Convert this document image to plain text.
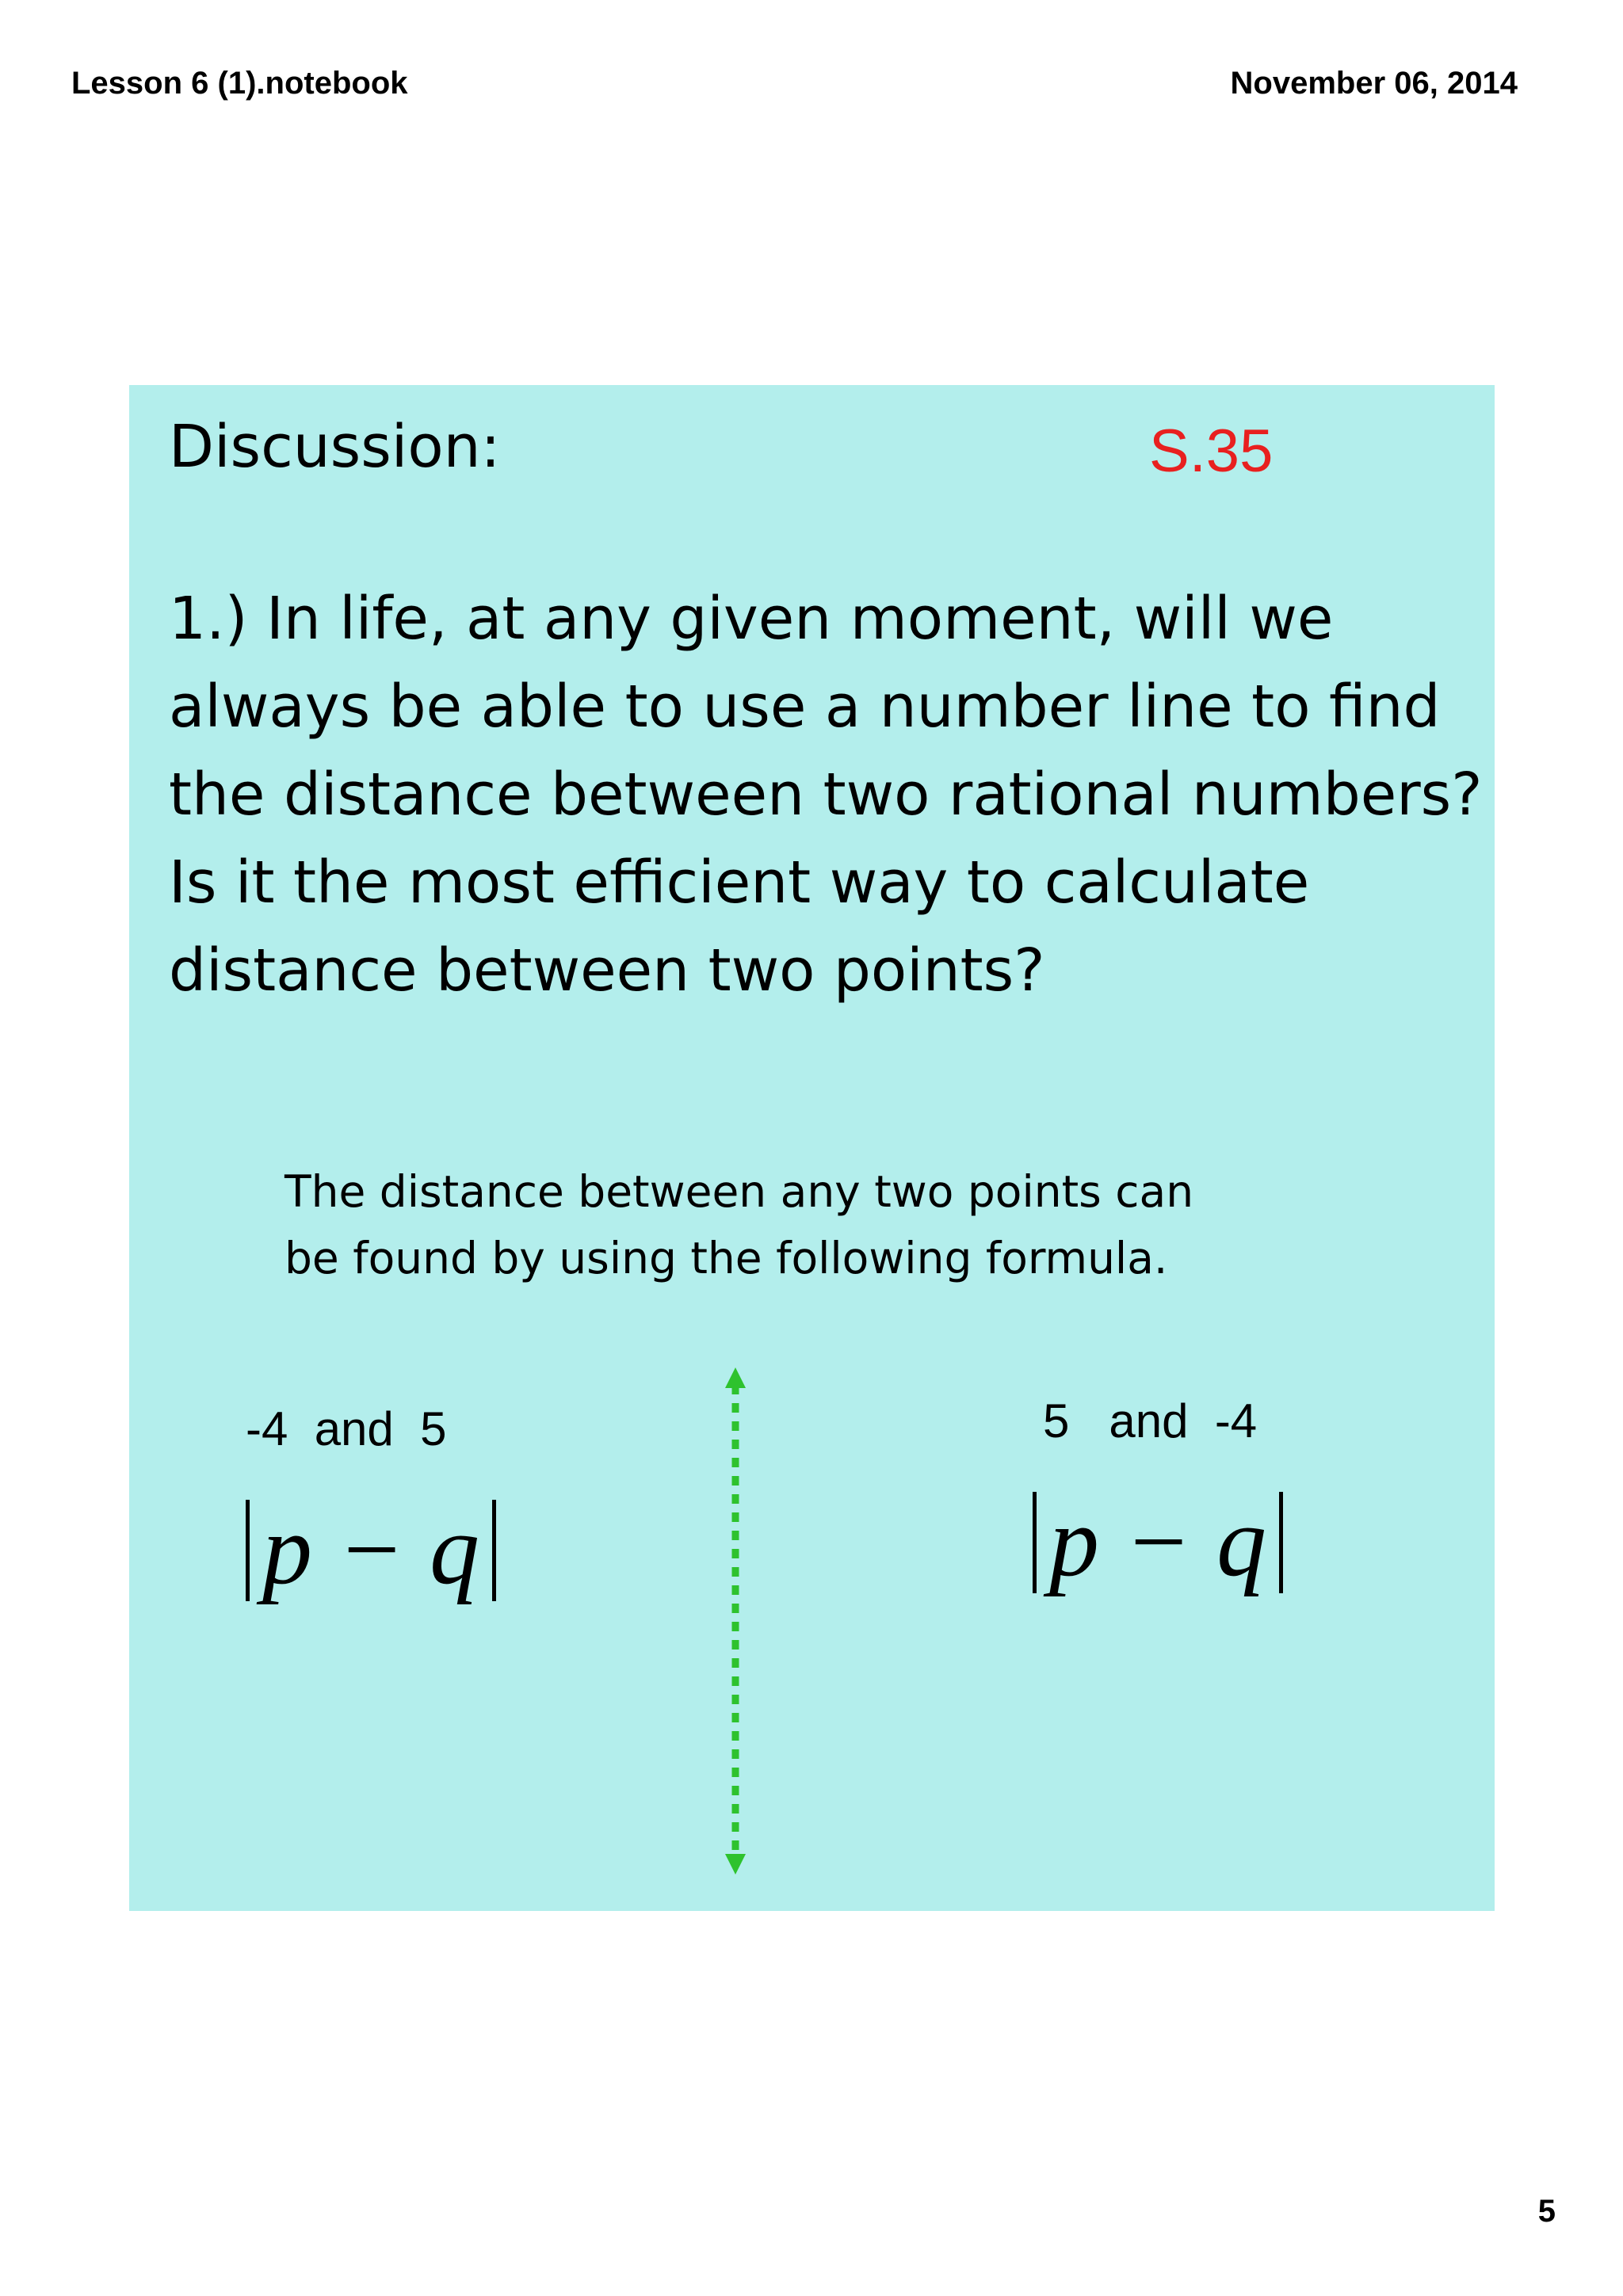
Lesson 6 (1).notebook	November 06, 2014
Discussion:	S.35
1.) In life, at any given moment, will we
always be able to use a number line to find
the distance between two rational numbers?
Is it the most efficient way to calculate
distance between two points?
The distance between any two points can
be found by using the following formula.
-4  and  5
p − q
5   and  -4
p − q
5
